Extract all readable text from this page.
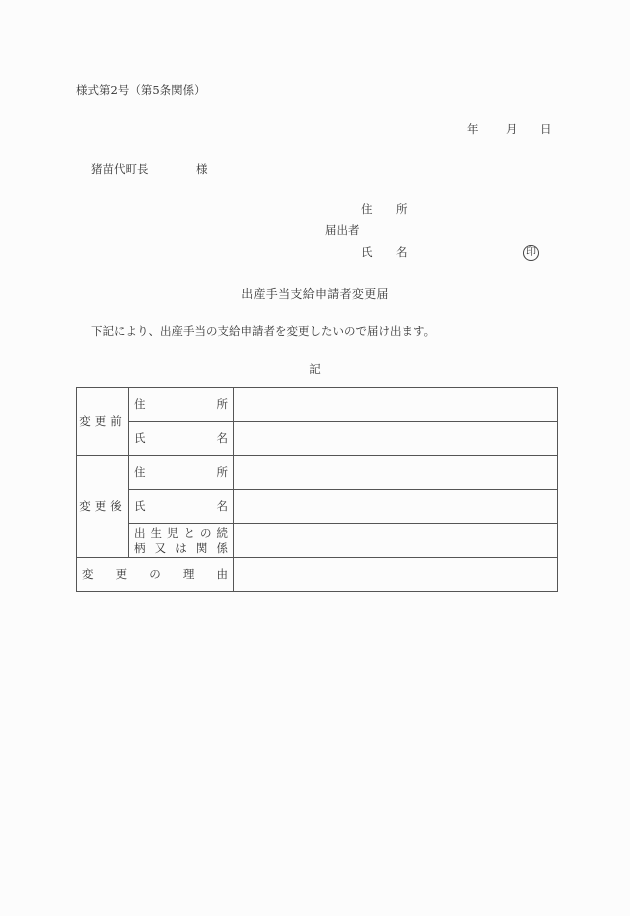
様式第2号（第5条関係）
年 月 日
猪苗代町長	様
住 所
届出者
氏 名	印
出産手当支給申請者変更届
下記により、出産手当の支給申請者を変更したいので届け出ます。
記
変更前	住 所	

	氏 名	

変更後	住 所	

	氏 名	

出 生 児 と の 続
柄 又 は 関 係

変 更 の 理 由		
